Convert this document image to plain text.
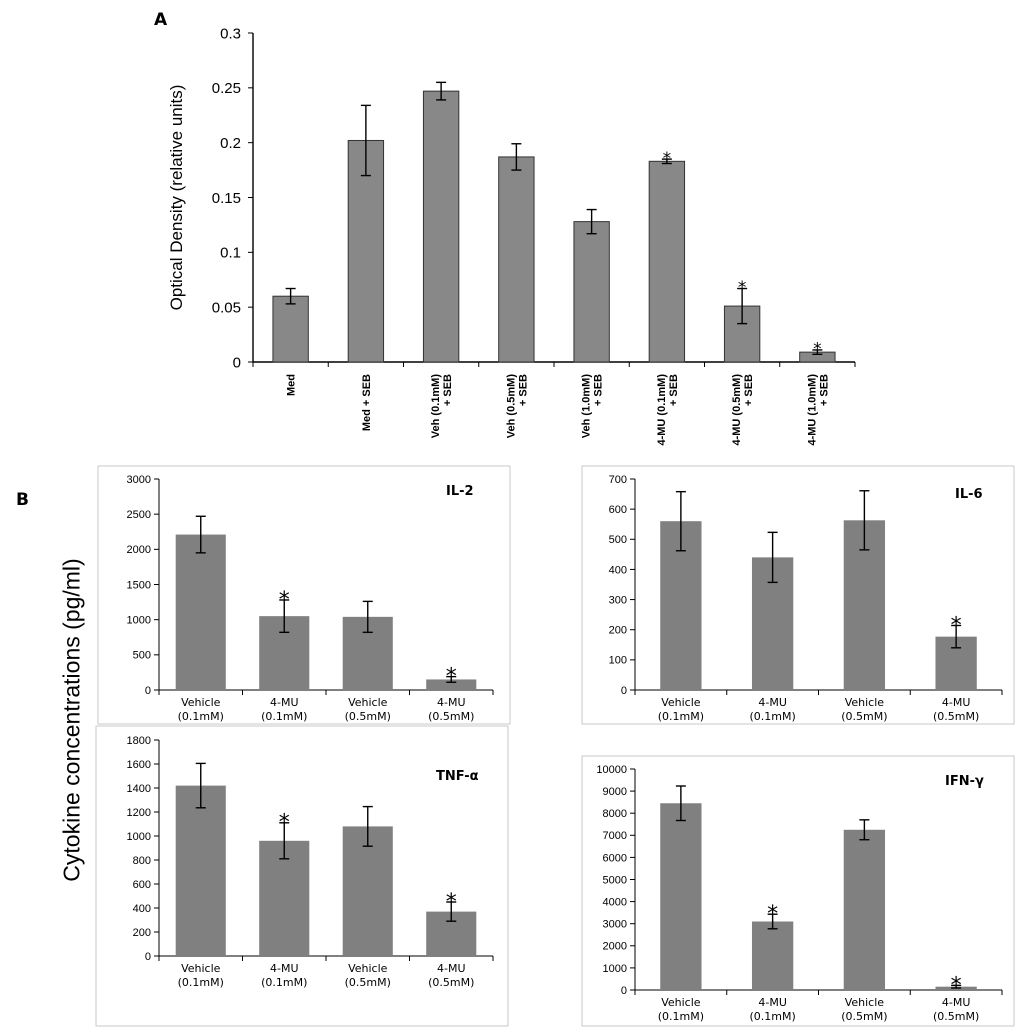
A
B
Cytokine concentrations (pg/ml)
0
0.05
0.1
0.15
0.2
0.25
0.3
Med	Med + SEB	Veh (0.1mM) + SEB	Veh (0.5mM) + SEB	Veh (1.0mM) + SEB
*
4-MU (0.1mM) + SEB
*
4-MU (0.5mM) + SEB
*
4-MU (1.0mM) + SEB
Optical Density (relative units)
0
500
1000
1500
2000
2500
3000
Vehicle
(0.1mM)
*
4-MU
(0.1mM)
Vehicle
(0.5mM)
*
4-MU
(0.5mM)
IL-2
0
100
200
300
400
500
600
700
Vehicle
(0.1mM)
4-MU
(0.1mM)
Vehicle
(0.5mM)
*
4-MU
(0.5mM)
IL-6
0
200
400
600
800
1000
1200
1400
1600
1800
Vehicle
(0.1mM)
*
4-MU
(0.1mM)
Vehicle
(0.5mM)
*
4-MU
(0.5mM)
TNF-α
0
1000
2000
3000
4000
5000
6000
7000
8000
9000
10000
Vehicle
(0.1mM)
*
4-MU
(0.1mM)
Vehicle
(0.5mM)
*
4-MU
(0.5mM)
IFN-γ
